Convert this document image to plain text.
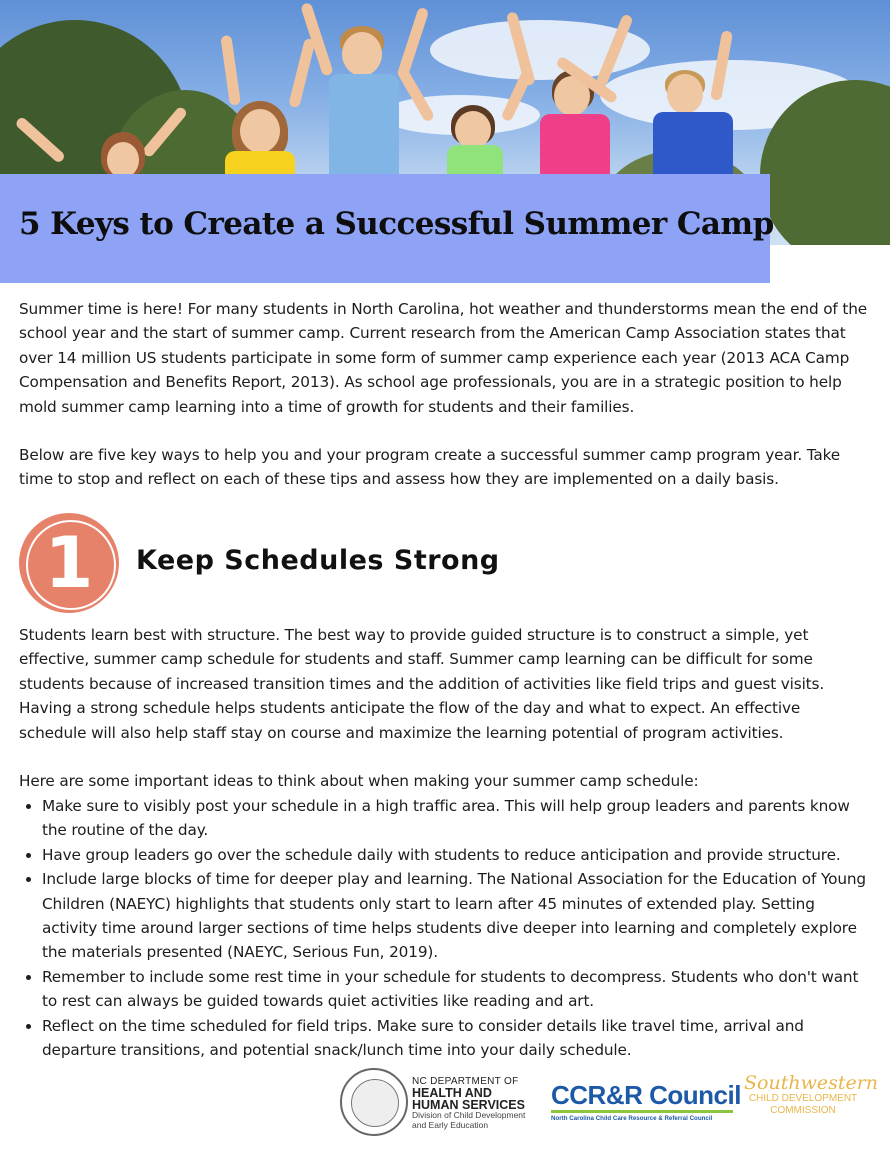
5 Keys to Create a Successful Summer Camp

Summer time is here! For many students in North Carolina, hot weather and thunderstorms mean the end of the school year and the start of summer camp. Current research from the American Camp Association states that over 14 million US students participate in some form of summer camp experience each year (2013 ACA Camp Compensation and Benefits Report, 2013). As school age professionals, you are in a strategic position to help mold summer camp learning into a time of growth for students and their families.

Below are five key ways to help you and your program create a successful summer camp program year. Take time to stop and reflect on each of these tips and assess how they are implemented on a daily basis.

1	Keep Schedules Strong

Students learn best with structure. The best way to provide guided structure is to construct a simple, yet effective, summer camp schedule for students and staff. Summer camp learning can be difficult for some students because of increased transition times and the addition of activities like field trips and guest visits. Having a strong schedule helps students anticipate the flow of the day and what to expect. An effective schedule will also help staff stay on course and maximize the learning potential of program activities.

Here are some important ideas to think about when making your summer camp schedule:

• Make sure to visibly post your schedule in a high traffic area. This will help group leaders and parents know the routine of the day.
• Have group leaders go over the schedule daily with students to reduce anticipation and provide structure.
• Include large blocks of time for deeper play and learning. The National Association for the Education of Young Children (NAEYC) highlights that students only start to learn after 45 minutes of extended play. Setting activity time around larger sections of time helps students dive deeper into learning and completely explore the materials presented (NAEYC, Serious Fun, 2019).
• Remember to include some rest time in your schedule for students to decompress. Students who don't want to rest can always be guided towards quiet activities like reading and art.
• Reflect on the time scheduled for field trips. Make sure to consider details like travel time, arrival and departure transitions, and potential snack/lunch time into your daily schedule.
NC DEPARTMENT OF
HEALTH AND
HUMAN SERVICES
Division of Child Development
and Early Education
CCR&R Council
North Carolina Child Care Resource & Referral Council
Southwestern
CHILD DEVELOPMENT
COMMISSION
